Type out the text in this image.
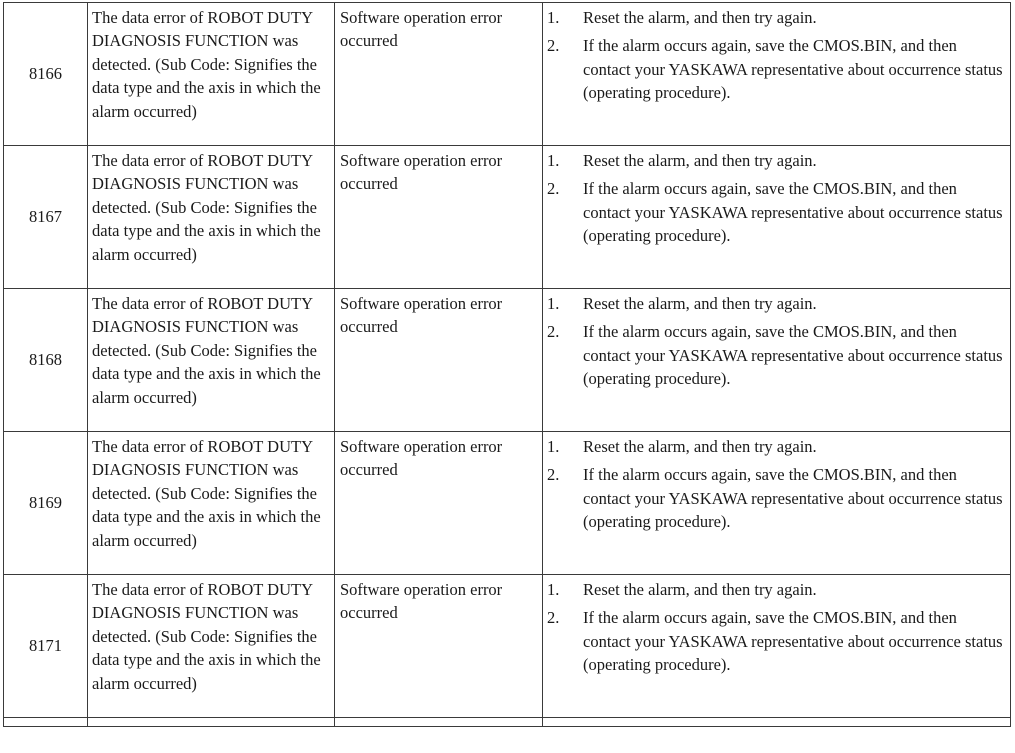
8166	The data error of ROBOT DUTY DIAGNOSIS FUNCTION was detected. (Sub Code: Signifies the data type and the axis in which the alarm occurred)	Software operation error occurred	1. Reset the alarm, and then try again.
2. If the alarm occurs again, save the CMOS.BIN, and then contact your YASKAWA representative about occurrence status (operating procedure).

8167	The data error of ROBOT DUTY DIAGNOSIS FUNCTION was detected. (Sub Code: Signifies the data type and the axis in which the alarm occurred)	Software operation error occurred	1. Reset the alarm, and then try again.
2. If the alarm occurs again, save the CMOS.BIN, and then contact your YASKAWA representative about occurrence status (operating procedure).

8168	The data error of ROBOT DUTY DIAGNOSIS FUNCTION was detected. (Sub Code: Signifies the data type and the axis in which the alarm occurred)	Software operation error occurred	1. Reset the alarm, and then try again.
2. If the alarm occurs again, save the CMOS.BIN, and then contact your YASKAWA representative about occurrence status (operating procedure).

8169	The data error of ROBOT DUTY DIAGNOSIS FUNCTION was detected. (Sub Code: Signifies the data type and the axis in which the alarm occurred)	Software operation error occurred	1. Reset the alarm, and then try again.
2. If the alarm occurs again, save the CMOS.BIN, and then contact your YASKAWA representative about occurrence status (operating procedure).

8171	The data error of ROBOT DUTY DIAGNOSIS FUNCTION was detected. (Sub Code: Signifies the data type and the axis in which the alarm occurred)	Software operation error occurred	1. Reset the alarm, and then try again.
2. If the alarm occurs again, save the CMOS.BIN, and then contact your YASKAWA representative about occurrence status (operating procedure).
